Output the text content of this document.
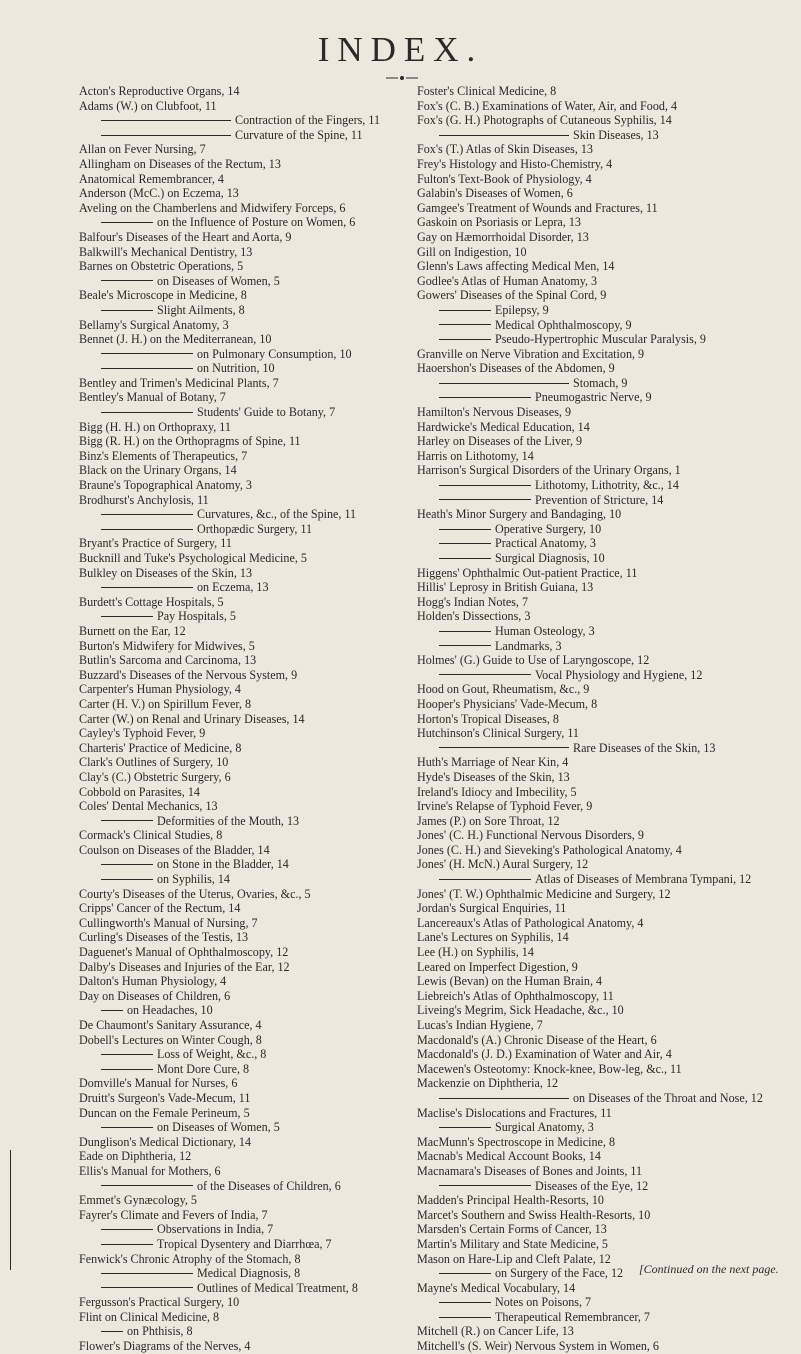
INDEX.
Acton's Reproductive Organs, 14
Adams (W.) on Clubfoot, 11
Contraction of the Fingers, 11
Curvature of the Spine, 11
Allan on Fever Nursing, 7
Allingham on Diseases of the Rectum, 13
Anatomical Remembrancer, 4
Anderson (McC.) on Eczema, 13
Aveling on the Chamberlens and Midwifery Forceps, 6
on the Influence of Posture on Women, 6
Balfour's Diseases of the Heart and Aorta, 9
Balkwill's Mechanical Dentistry, 13
Barnes on Obstetric Operations, 5
on Diseases of Women, 5
Beale's Microscope in Medicine, 8
Slight Ailments, 8
Bellamy's Surgical Anatomy, 3
Bennet (J. H.) on the Mediterranean, 10
on Pulmonary Consumption, 10
on Nutrition, 10
Bentley and Trimen's Medicinal Plants, 7
Bentley's Manual of Botany, 7
Students' Guide to Botany, 7
Bigg (H. H.) on Orthopraxy, 11
Bigg (R. H.) on the Orthopragms of Spine, 11
Binz's Elements of Therapeutics, 7
Black on the Urinary Organs, 14
Braune's Topographical Anatomy, 3
Brodhurst's Anchylosis, 11
Curvatures, &c., of the Spine, 11
Orthopædic Surgery, 11
Bryant's Practice of Surgery, 11
Bucknill and Tuke's Psychological Medicine, 5
Bulkley on Diseases of the Skin, 13
on Eczema, 13
Burdett's Cottage Hospitals, 5
Pay Hospitals, 5
Burnett on the Ear, 12
Burton's Midwifery for Midwives, 5
Butlin's Sarcoma and Carcinoma, 13
Buzzard's Diseases of the Nervous System, 9
Carpenter's Human Physiology, 4
Carter (H. V.) on Spirillum Fever, 8
Carter (W.) on Renal and Urinary Diseases, 14
Cayley's Typhoid Fever, 9
Charteris' Practice of Medicine, 8
Clark's Outlines of Surgery, 10
Clay's (C.) Obstetric Surgery, 6
Cobbold on Parasites, 14
Coles' Dental Mechanics, 13
Deformities of the Mouth, 13
Cormack's Clinical Studies, 8
Coulson on Diseases of the Bladder, 14
on Stone in the Bladder, 14
on Syphilis, 14
Courty's Diseases of the Uterus, Ovaries, &c., 5
Cripps' Cancer of the Rectum, 14
Cullingworth's Manual of Nursing, 7
Curling's Diseases of the Testis, 13
Daguenet's Manual of Ophthalmoscopy, 12
Dalby's Diseases and Injuries of the Ear, 12
Dalton's Human Physiology, 4
Day on Diseases of Children, 6
on Headaches, 10
De Chaumont's Sanitary Assurance, 4
Dobell's Lectures on Winter Cough, 8
Loss of Weight, &c., 8
Mont Dore Cure, 8
Domville's Manual for Nurses, 6
Druitt's Surgeon's Vade-Mecum, 11
Duncan on the Female Perineum, 5
on Diseases of Women, 5
Dunglison's Medical Dictionary, 14
Eade on Diphtheria, 12
Ellis's Manual for Mothers, 6
of the Diseases of Children, 6
Emmet's Gynæcology, 5
Fayrer's Climate and Fevers of India, 7
Observations in India, 7
Tropical Dysentery and Diarrhœa, 7
Fenwick's Chronic Atrophy of the Stomach, 8
Medical Diagnosis, 8
Outlines of Medical Treatment, 8
Fergusson's Practical Surgery, 10
Flint on Clinical Medicine, 8
on Phthisis, 8
Flower's Diagrams of the Nerves, 4
Foster's Clinical Medicine, 8
Fox's (C. B.) Examinations of Water, Air, and Food, 4
Fox's (G. H.) Photographs of Cutaneous Syphilis, 14
Skin Diseases, 13
Fox's (T.) Atlas of Skin Diseases, 13
Frey's Histology and Histo-Chemistry, 4
Fulton's Text-Book of Physiology, 4
Galabin's Diseases of Women, 6
Gamgee's Treatment of Wounds and Fractures, 11
Gaskoin on Psoriasis or Lepra, 13
Gay on Hæmorrhoidal Disorder, 13
Gill on Indigestion, 10
Glenn's Laws affecting Medical Men, 14
Godlee's Atlas of Human Anatomy, 3
Gowers' Diseases of the Spinal Cord, 9
Epilepsy, 9
Medical Ophthalmoscopy, 9
Pseudo-Hypertrophic Muscular Paralysis, 9
Granville on Nerve Vibration and Excitation, 9
Haoershon's Diseases of the Abdomen, 9
Stomach, 9
Pneumogastric Nerve, 9
Hamilton's Nervous Diseases, 9
Hardwicke's Medical Education, 14
Harley on Diseases of the Liver, 9
Harris on Lithotomy, 14
Harrison's Surgical Disorders of the Urinary Organs, 1
Lithotomy, Lithotrity, &c., 14
Prevention of Stricture, 14
Heath's Minor Surgery and Bandaging, 10
Operative Surgery, 10
Practical Anatomy, 3
Surgical Diagnosis, 10
Higgens' Ophthalmic Out-patient Practice, 11
Hillis' Leprosy in British Guiana, 13
Hogg's Indian Notes, 7
Holden's Dissections, 3
Human Osteology, 3
Landmarks, 3
Holmes' (G.) Guide to Use of Laryngoscope, 12
Vocal Physiology and Hygiene, 12
Hood on Gout, Rheumatism, &c., 9
Hooper's Physicians' Vade-Mecum, 8
Horton's Tropical Diseases, 8
Hutchinson's Clinical Surgery, 11
Rare Diseases of the Skin, 13
Huth's Marriage of Near Kin, 4
Hyde's Diseases of the Skin, 13
Ireland's Idiocy and Imbecility, 5
Irvine's Relapse of Typhoid Fever, 9
James (P.) on Sore Throat, 12
Jones' (C. H.) Functional Nervous Disorders, 9
Jones (C. H.) and Sieveking's Pathological Anatomy, 4
Jones' (H. McN.) Aural Surgery, 12
Atlas of Diseases of Membrana Tympani, 12
Jones' (T. W.) Ophthalmic Medicine and Surgery, 12
Jordan's Surgical Enquiries, 11
Lancereaux's Atlas of Pathological Anatomy, 4
Lane's Lectures on Syphilis, 14
Lee (H.) on Syphilis, 14
Leared on Imperfect Digestion, 9
Lewis (Bevan) on the Human Brain, 4
Liebreich's Atlas of Ophthalmoscopy, 11
Liveing's Megrim, Sick Headache, &c., 10
Lucas's Indian Hygiene, 7
Macdonald's (A.) Chronic Disease of the Heart, 6
Macdonald's (J. D.) Examination of Water and Air, 4
Macewen's Osteotomy: Knock-knee, Bow-leg, &c., 11
Mackenzie on Diphtheria, 12
on Diseases of the Throat and Nose, 12
Maclise's Dislocations and Fractures, 11
Surgical Anatomy, 3
MacMunn's Spectroscope in Medicine, 8
Macnab's Medical Account Books, 14
Macnamara's Diseases of Bones and Joints, 11
Diseases of the Eye, 12
Madden's Principal Health-Resorts, 10
Marcet's Southern and Swiss Health-Resorts, 10
Marsden's Certain Forms of Cancer, 13
Martin's Military and State Medicine, 5
Mason on Hare-Lip and Cleft Palate, 12
on Surgery of the Face, 12
Mayne's Medical Vocabulary, 14
Notes on Poisons, 7
Therapeutical Remembrancer, 7
Mitchell (R.) on Cancer Life, 13
Mitchell's (S. Weir) Nervous System in Women, 6
[Continued on the next page.
